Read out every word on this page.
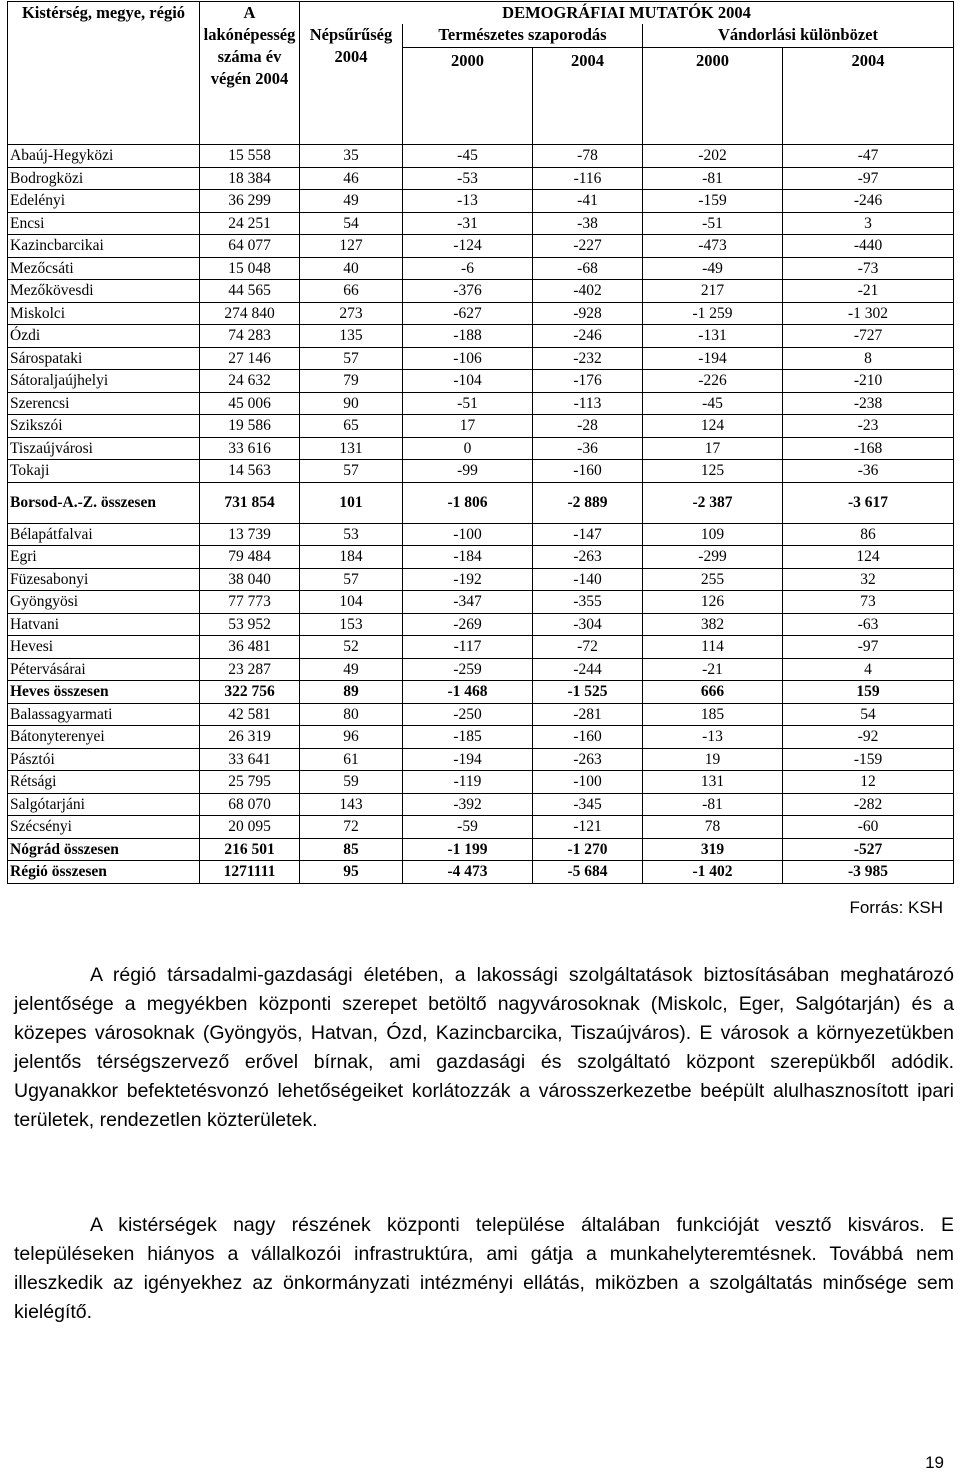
Kistérség, megye, régió	A lakónépesség száma év végén 2004	DEMOGRÁFIAI MUTATÓK 2004				
		Népsűrűség 2004	Természetes szaporodás		Vándorlási különbözet	
			2000	2004	2000	2004
Abaúj-Hegyközi	15 558	35	-45	-78	-202	-47
Bodrogközi	18 384	46	-53	-116	-81	-97
Edelényi	36 299	49	-13	-41	-159	-246
Encsi	24 251	54	-31	-38	-51	3
Kazincbarcikai	64 077	127	-124	-227	-473	-440
Mezőcsáti	15 048	40	-6	-68	-49	-73
Mezőkövesdi	44 565	66	-376	-402	217	-21
Miskolci	274 840	273	-627	-928	-1 259	-1 302
Ózdi	74 283	135	-188	-246	-131	-727
Sárospataki	27 146	57	-106	-232	-194	8
Sátoraljaújhelyi	24 632	79	-104	-176	-226	-210
Szerencsi	45 006	90	-51	-113	-45	-238
Szikszói	19 586	65	17	-28	124	-23
Tiszaújvárosi	33 616	131	0	-36	17	-168
Tokaji	14 563	57	-99	-160	125	-36
Borsod-A.-Z. összesen	731 854	101	-1 806	-2 889	-2 387	-3 617
Bélapátfalvai	13 739	53	-100	-147	109	86
Egri	79 484	184	-184	-263	-299	124
Füzesabonyi	38 040	57	-192	-140	255	32
Gyöngyösi	77 773	104	-347	-355	126	73
Hatvani	53 952	153	-269	-304	382	-63
Hevesi	36 481	52	-117	-72	114	-97
Pétervásárai	23 287	49	-259	-244	-21	4
Heves összesen	322 756	89	-1 468	-1 525	666	159
Balassagyarmati	42 581	80	-250	-281	185	54
Bátonyterenyei	26 319	96	-185	-160	-13	-92
Pásztói	33 641	61	-194	-263	19	-159
Rétsági	25 795	59	-119	-100	131	12
Salgótarjáni	68 070	143	-392	-345	-81	-282
Szécsényi	20 095	72	-59	-121	78	-60
Nógrád összesen	216 501	85	-1 199	-1 270	319	-527
Régió összesen	1271111	95	-4 473	-5 684	-1 402	-3 985
Forrás: KSH

A régió társadalmi-gazdasági életében, a lakossági szolgáltatások biztosításában meghatározó jelentősége a megyékben központi szerepet betöltő nagyvárosoknak (Miskolc, Eger, Salgótarján) és a közepes városoknak (Gyöngyös, Hatvan, Ózd, Kazincbarcika, Tiszaújváros). E városok a környezetükben jelentős térségszervező erővel bírnak, ami gazdasági és szolgáltató központ szerepükből adódik. Ugyanakkor befektetésvonzó lehetőségeiket korlátozzák a városszerkezetbe beépült alulhasznosított ipari területek, rendezetlen közterületek.

A kistérségek nagy részének központi települése általában funkcióját vesztő kisváros. E településeken hiányos a vállalkozói infrastruktúra, ami gátja a munkahelyteremtésnek. Továbbá nem illeszkedik az igényekhez az önkormányzati intézményi ellátás, miközben a szolgáltatás minősége sem kielégítő.

19
